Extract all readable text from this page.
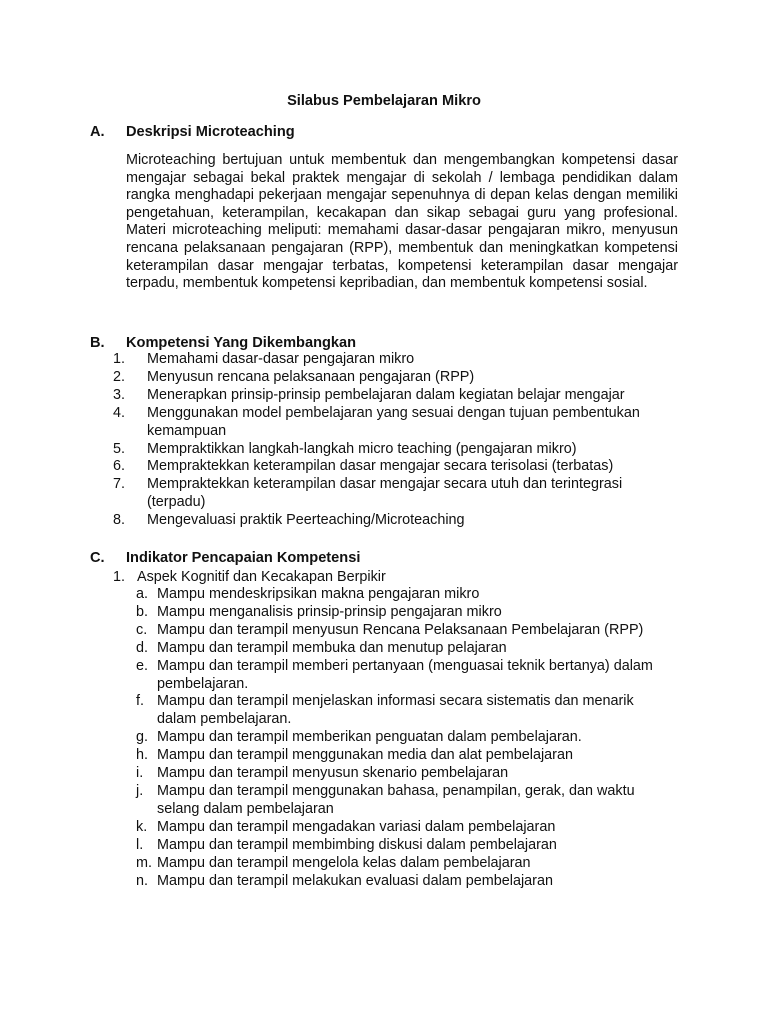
Silabus Pembelajaran Mikro
A. Deskripsi Microteaching
Microteaching bertujuan untuk membentuk dan mengembangkan kompetensi dasar mengajar sebagai bekal praktek mengajar di sekolah / lembaga pendidikan dalam rangka menghadapi pekerjaan mengajar sepenuhnya di depan kelas dengan memiliki pengetahuan, keterampilan, kecakapan dan sikap sebagai guru yang profesional. Materi microteaching meliputi: memahami dasar-dasar pengajaran mikro, menyusun rencana pelaksanaan pengajaran (RPP), membentuk dan meningkatkan kompetensi keterampilan dasar mengajar terbatas, kompetensi keterampilan dasar mengajar terpadu, membentuk kompetensi kepribadian, dan membentuk kompetensi sosial.
B. Kompetensi Yang Dikembangkan
1. Memahami dasar-dasar pengajaran mikro
2. Menyusun rencana pelaksanaan pengajaran (RPP)
3. Menerapkan prinsip-prinsip pembelajaran dalam kegiatan belajar mengajar
4. Menggunakan model pembelajaran yang sesuai dengan tujuan pembentukan kemampuan
5. Mempraktikkan langkah-langkah micro teaching (pengajaran mikro)
6. Mempraktekkan keterampilan dasar mengajar secara terisolasi (terbatas)
7. Mempraktekkan keterampilan dasar mengajar secara utuh dan terintegrasi (terpadu)
8. Mengevaluasi praktik Peerteaching/Microteaching
C. Indikator Pencapaian Kompetensi
1. Aspek Kognitif dan Kecakapan Berpikir
a. Mampu mendeskripsikan makna pengajaran mikro
b. Mampu menganalisis prinsip-prinsip pengajaran mikro
c. Mampu dan terampil menyusun Rencana Pelaksanaan Pembelajaran (RPP)
d. Mampu dan terampil membuka dan menutup pelajaran
e. Mampu dan terampil memberi pertanyaan (menguasai teknik bertanya) dalam pembelajaran.
f. Mampu dan terampil menjelaskan informasi secara sistematis dan menarik dalam pembelajaran.
g. Mampu dan terampil memberikan penguatan dalam pembelajaran.
h. Mampu dan terampil menggunakan media dan alat pembelajaran
i. Mampu dan terampil menyusun skenario pembelajaran
j. Mampu dan terampil menggunakan bahasa, penampilan, gerak, dan waktu selang dalam pembelajaran
k. Mampu dan terampil mengadakan variasi dalam pembelajaran
l. Mampu dan terampil membimbing diskusi dalam pembelajaran
m. Mampu dan terampil mengelola kelas dalam pembelajaran
n. Mampu dan terampil melakukan evaluasi dalam pembelajaran
